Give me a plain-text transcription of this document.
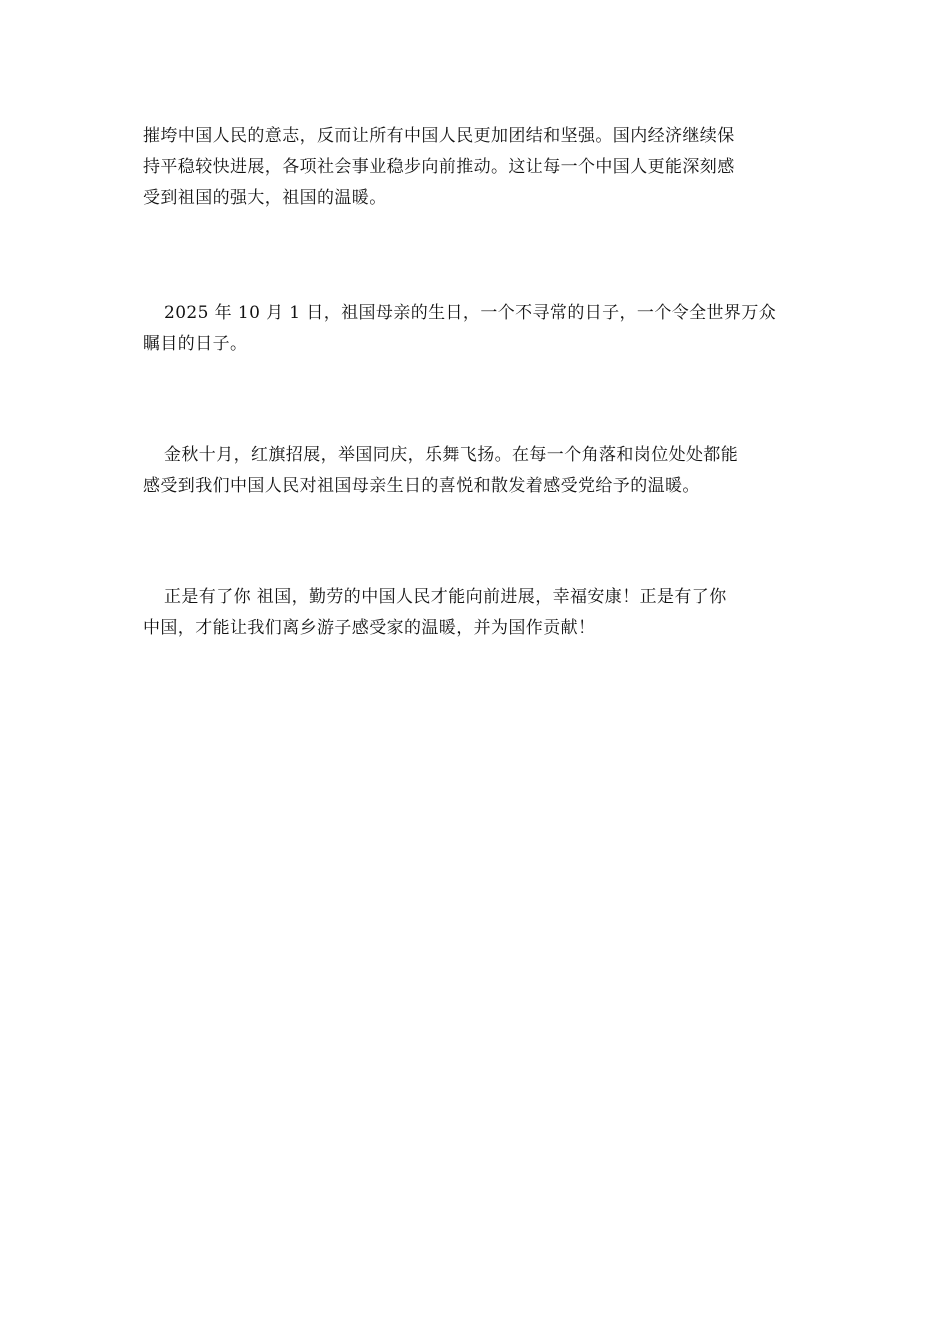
摧垮中国人民的意志，反而让所有中国人民更加团结和坚强。国内经济继续保
持平稳较快进展，各项社会事业稳步向前推动。这让每一个中国人更能深刻感
受到祖国的强大，祖国的温暖。

2025 年 10 月 1 日，祖国母亲的生日，一个不寻常的日子，一个令全世界万众
瞩目的日子。

金秋十月，红旗招展，举国同庆，乐舞飞扬。在每一个角落和岗位处处都能
感受到我们中国人民对祖国母亲生日的喜悦和散发着感受党给予的温暖。

正是有了你 祖国，勤劳的中国人民才能向前进展，幸福安康！正是有了你
中国，才能让我们离乡游子感受家的温暖，并为国作贡献！
